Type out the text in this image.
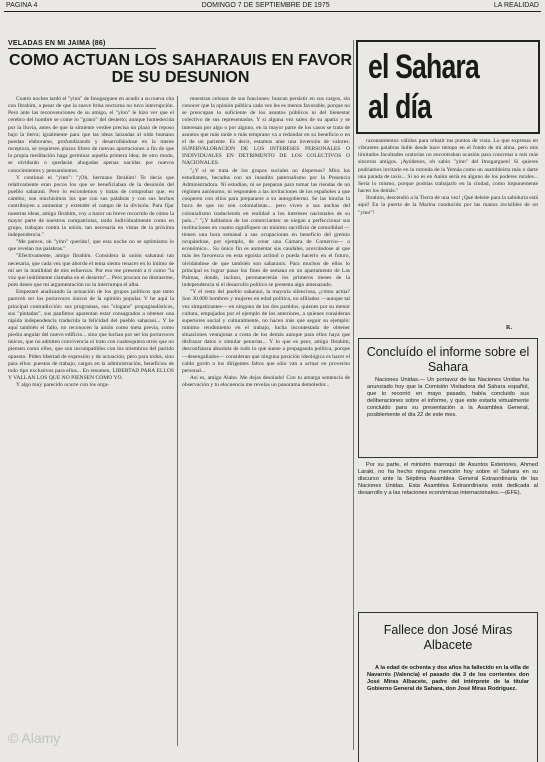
PAGINA 4	DOMINGO 7 DE SEPTIEMBRE DE 1975	LA REALIDAD
VELADAS EN MI JAIMA (86)
COMO ACTUAN LOS SAHARAUIS EN FAVOR DE SU DESUNION

Cuatro noches tardó el "yinn" de Imogarguen en acudir a su nueva cita con Ibrahim, a pesar de que la suave brisa nocturna no tuvo interrupción. Pero ante las reconvenciones de su amigo, el "yinn" le hizo ver que el cerebro del hombre se come lo "grano" del desierto; aunque humedecida por la lluvia, antes de que la simiente verdee precisa un plazo de reposo bajo la tierra; igualmente para que las ideas lanzadas al oído humano puedan elaborarse, profundizando y desarrollándose en la mente receptora, se requieren plazos libres de nuevas aportaciones a fin de que la propia meditación haga germinar aquella primera idea; de otro modo, se olvidarán o quedarán ahogadas apenas nacidas por nuevos conocimientos y pensamientos.

Y continuó el "yinn": "¡Oh, hermano Ibrahim! Te decía que relativamente eran pocos los que se beneficiaban de la desunión del pueblo saharaui. Pero lo escondemos y tratas de comprobar que, en cambio, son muchísimos los que con sus palabras y con sus hechos contribuyen a aumentar y extender el campo de la división. Para fijar nuestras ideas, amigo Ibrahim, voy a hacer un breve recorrido de cómo la mayor parte de nuestros compatriotas, tardo individualmente como en grupo, trabajan contra la unión, tan necesaria en vistas de la próxima independencia."

"Me parece, oh "yinn" querido!, que esta noche no se optimismo lo que revelan tus palabras."

"Efectivamente, amigo Ibrahim. Considera la unión saharaui tan necesaria, que cada vez que abordo el tema siento renacer en lo íntimo de mi ser la inutilidad de mis esfuerzos. Por eso me presentó a ti como "la voz que inútilmente clamaba en el desierto"... Pero procura no distraerme, pues deseo que mi argumentación no la interrumpa el alba.

Empezaré analizando la actuación de los grupos políticos que tanto parecen ser los portavoces únicos de la opinión popular. Y he aquí la principal contradicción: sus programas, sus "slogans" propagandísticos, sus "pintadas", sus panfletos aparentan estar consagrados a obtener una rápida independencia traducida la felicidad del pueblo saharaui... Y he aquí también el fallo, no reconocen la unión como meta previa, como piedra angular del nuevo edificio... sino que luchan por ser los portavoces únicos, que no admiten convivencia ni trato con cualesquiera otros que no piensen como ellos, que son incompatibles con los miembros del partido opuesto. Piden libertad de expresión y de actuación, pero para todos, sino para ellos: puestos de trabajo, cargos en la administración, beneficios de todo tipo exclusivos para ellos... En resumen, LIBERTAD PARA ELLOS Y VALLAN LOS QUE NO PIENSEN COMO YO.

Y algo muy parecido ocurre con los orga-

muestran celosos de sus funciones: buscan persistir en sus cargos, sin conocer que la opinión pública cada vez les es menos favorable, porque no se preocupan lo suficiente de los asuntos públicos ni del bienestar colectivo de sus representados. Y si alguna vez salen de su apatía y se interesan por algo o por alguno, en la mayor parte de los casos se trata de asuntos que más tarde o más temprano va a redundar en su beneficio o en el de un pariente. Es decir, estamos ante una inversión de valores: SUPERVALORACION DE LOS INTERESES PERSONALES O INDIVIDUALES EN DETRIMENTO DE LOS COLECTIVOS O NACIONALES.

"¿Y si se trata de los grupos sociales no dispersos? Mira los estudiantes, becados con un inaudito paternalismo por la Presencia Administradora. Ni estudian, ni se preparan para tomar las riendas de un régimen autónomo, ni responden a las invitaciones de los españoles a que cooperen con ellos para prepararse a su autogobierno. Se las hincha la boca de que no son colonialistas... pero viven a sus anchas del colonialismo traduciendo en realidad a los intereses nacionales de su país..." "¿Y hablamos de los comerciantes: se niegan a perfeccionar sus instituciones en cuanto signifiquen un mínimo sacrificio de comodidad —tienen una hora semanal a sus ocupaciones en beneficio del gremio ocupándose, por ejemplo, de crear una Cámara de Comercio— o económico... Su único fin es aumentar sus caudales, acercándose al que más les favorezca en esta egoísta actitud o pueda hacerlo en el futuro, olvidándose de que también son saharauis. Para muchos de ellos lo principal es lograr pasar los fines de semana en un apartamento de Las Palmas, donde, incluso, permanecerán los primeros meses de la independencia si el desarrollo político se presenta algo amenazado.

"Y el resto del pueblo saharaui, la mayoría silenciosa, ¿cómo actúa? Son 30.000 hombres y mujeres en edad política, no afiliados —aunque tal vez simpatizantes— en ninguno de los dos partidos, quienes por su menor cultura, empujados por el ejemplo de los anteriores, a quienes consideran superiores social y culturalmente, no hacen más que seguir su ejemplo: mínimo rendimiento en el trabajo, lucha incontestada de obtener situaciones ventajosas a costa de los demás aunque para ellos haya que disfrazar datos o simular penurias... Y lo que es peor, amigo Ibrahim, desconfianza absoluta de todo lo que suene a propaganda política, porque —desengañados— consideran que ninguna posición ideológica es hacer el caldo gordo a los dirigentes faltos que sólo van a actuar en provecho personal...

Así es, amigo Alaho. Me dejas desolado! Con tu amarga sentencia de observación y tu elocuencia me revelas un panorama demoledor...

el Sahara
al día

razonamientos válidos para rebatir tus puntos de vista. Lo que expresas en vibrantes palabras bulle desde hace tiempo en el fondo de mi alma, pero mis limitados facultades oratorias no encontraban ocasión para concretar a mis más sinceros amigos. ¡Ayúdenos, oh sabio "yinn" del Imogarguen! Si quieres podríamos invitarle en la rotonda de la Yemáa como un asambleísta más o darte una parada de taxis... Si no es en Aaiún sería en alguno de los poderes rurales... Sería lo mismo, porque podrías trabajarlo en la ciudad, como impunemente hacen los demás."

Ibrahim, descendió a la Tierra de una vez! ¡Qué deleite para la sabiduría está aquí! En la puerta de la Marina conducido por las manos invisibles de un "yinn"!

R.
Concluído el informe sobre el Sahara

Naciones Unidas.— Un portavoz de las Naciones Unidas ha anunciado hoy que la Comisión Visitadora del Sahara español, que lo recorrió en mayo pasado, había concluido sus deliberaciones sobre el informe, y que este estaría virtualmente concluido para su presentación a la Asamblea General, posiblemente el día 22 de este mes.

Por su parte, el ministro marroquí de Asuntos Exteriores, Ahmed Laraki, no ha hecho ninguna mención hoy sobre el Sahara en su discurso ante la Séptima Asamblea General Extraordinaria de las Naciones Unidas. Esta Asamblea Extraordinaria está dedicada al desarrollo y a las relaciones económicas internacionales.—(EFE).

Fallece don José Miras Albacete

A la edad de ochenta y dos años ha fallecido en la villa de Navarrés (Valencia) el pasado día 3 de los corrientes don José Miras Albacete, padre del intérprete de la titular Gobierno General de Sahara, don José Miras Rodríguez.

© Alamy
